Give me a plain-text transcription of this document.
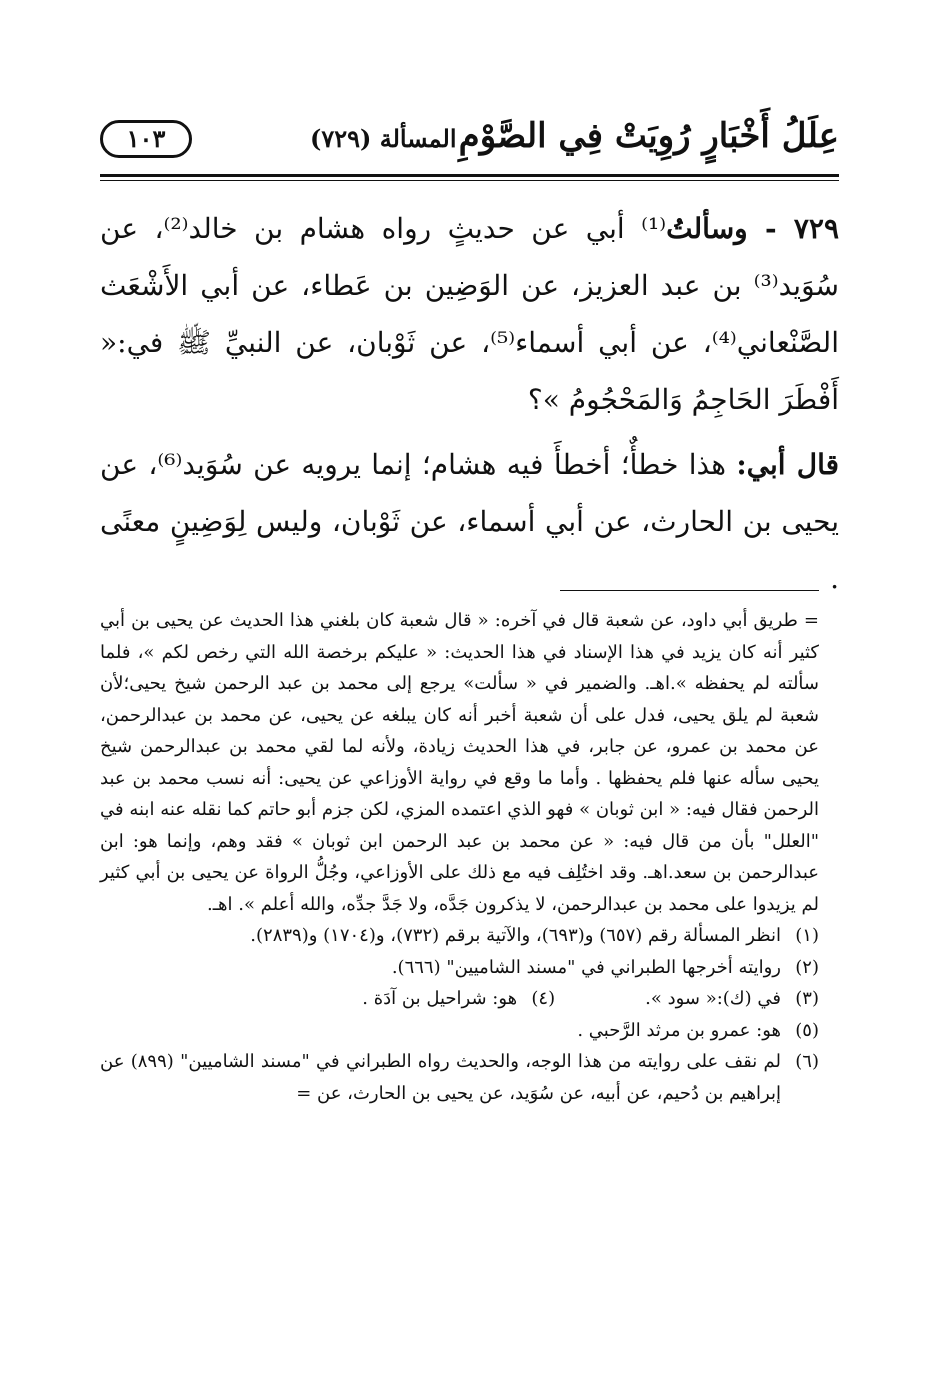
عِلَلُ أَخْبَارٍ رُوِيَتْ فِي الصَّوْمِ
المسألة (٧٢٩)
١٠٣

٧٢٩ - وسألتُ⁽¹⁾ أبي عن حديثٍ رواه هشام بن خالد⁽²⁾، عن سُوَيد⁽³⁾ بن عبد العزيز، عن الوَضِين بن عَطاء، عن أبي الأَشْعَث الصَّنْعاني⁽⁴⁾، عن أبي أسماء⁽⁵⁾، عن ثَوْبان، عن النبيِّ ﷺ في:« أَفْطَرَ الحَاجِمُ وَالمَحْجُومُ »؟

قال أبي: هذا خطأٌ؛ أخطأَ فيه هشام؛ إنما يرويه عن سُوَيد⁽⁶⁾، عن يحيى بن الحارث، عن أبي أسماء، عن ثَوْبان، وليس لِوَضِينٍ معنًى .

= طريق أبي داود، عن شعبة قال في آخره: « قال شعبة كان بلغني هذا الحديث عن يحيى بن أبي كثير أنه كان يزيد في هذا الإسناد في هذا الحديث: « عليكم برخصة الله التي رخص لكم »، فلما سألته لم يحفظه ».اهـ. والضمير في « سألت» يرجع إلى محمد بن عبد الرحمن شيخ يحيى؛لأن شعبة لم يلق يحيى، فدل على أن شعبة أخبر أنه كان يبلغه عن يحيى، عن محمد بن عبدالرحمن، عن محمد بن عمرو، عن جابر، في هذا الحديث زيادة، ولأنه لما لقي محمد بن عبدالرحمن شيخ يحيى سأله عنها فلم يحفظها . وأما ما وقع في رواية الأوزاعي عن يحيى: أنه نسب محمد بن عبد الرحمن فقال فيه: « ابن ثوبان » فهو الذي اعتمده المزي، لكن جزم أبو حاتم كما نقله عنه ابنه في "العلل" بأن من قال فيه: « عن محمد بن عبد الرحمن ابن ثوبان » فقد وهم، وإنما هو: ابن عبدالرحمن بن سعد.اهـ. وقد اختُلِف فيه مع ذلك على الأوزاعي، وجُلُّ الرواة عن يحيى بن أبي كثير لم يزيدوا على محمد بن عبدالرحمن، لا يذكرون جَدَّه، ولا جَدَّ جدِّه، والله أعلم ». اهـ.

(١)
انظر المسألة رقم (٦٥٧) و(٦٩٣)، والآتية برقم (٧٣٢)، و(١٧٠٤) و(٢٨٣٩).
(٢)
روايته أخرجها الطبراني في "مسند الشاميين" (٦٦٦).
(٣)
في (ك):« سود ».
(٤)
هو: شراحيل بن آدَة .
(٥)
هو: عمرو بن مرثد الرَّحبي .
(٦)
لم نقف على روايته من هذا الوجه، والحديث رواه الطبراني في "مسند الشاميين" (٨٩٩) عن إبراهيم بن دُحيم، عن أبيه، عن سُوَيد، عن يحيى بن الحارث، عن =
